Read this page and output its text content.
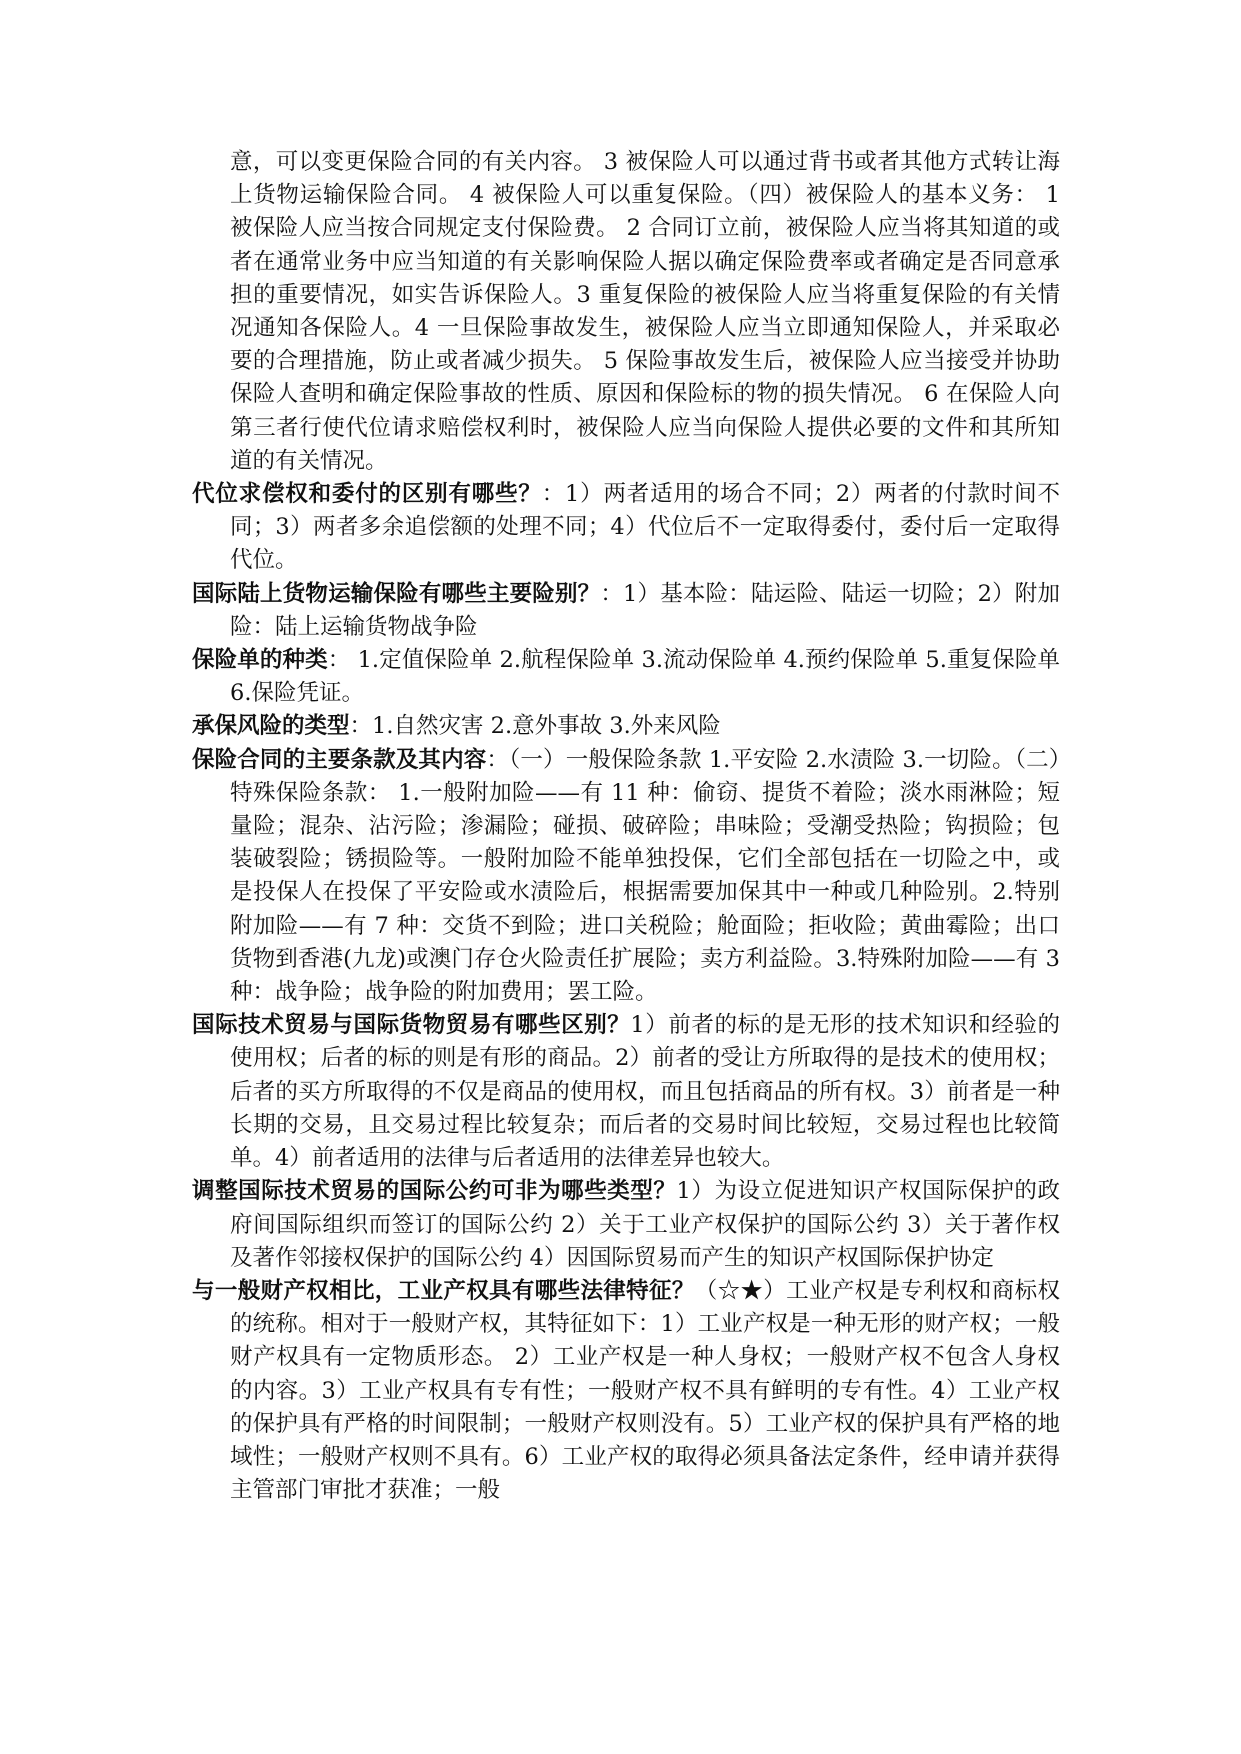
意，可以变更保险合同的有关内容。 3 被保险人可以通过背书或者其他方式转让海上货物运输保险合同。 4 被保险人可以重复保险。（四）被保险人的基本义务： 1 被保险人应当按合同规定支付保险费。 2 合同订立前，被保险人应当将其知道的或者在通常业务中应当知道的有关影响保险人据以确定保险费率或者确定是否同意承担的重要情况，如实告诉保险人。3 重复保险的被保险人应当将重复保险的有关情况通知各保险人。4 一旦保险事故发生，被保险人应当立即通知保险人，并采取必要的合理措施，防止或者减少损失。 5 保险事故发生后，被保险人应当接受并协助保险人查明和确定保险事故的性质、原因和保险标的物的损失情况。 6 在保险人向第三者行使代位请求赔偿权利时，被保险人应当向保险人提供必要的文件和其所知道的有关情况。

代位求偿权和委付的区别有哪些？：1）两者适用的场合不同；2）两者的付款时间不同；3）两者多余追偿额的处理不同；4）代位后不一定取得委付，委付后一定取得代位。

国际陆上货物运输保险有哪些主要险别？：1）基本险：陆运险、陆运一切险；2）附加险：陆上运输货物战争险

保险单的种类： 1.定值保险单 2.航程保险单 3.流动保险单 4.预约保险单 5.重复保险单 6.保险凭证。

承保风险的类型：1.自然灾害 2.意外事故 3.外来风险

保险合同的主要条款及其内容：（一）一般保险条款 1.平安险 2.水渍险 3.一切险。（二）特殊保险条款： 1.一般附加险——有 11 种：偷窃、提货不着险；淡水雨淋险；短量险；混杂、沾污险；渗漏险；碰损、破碎险；串味险；受潮受热险；钩损险；包装破裂险；锈损险等。一般附加险不能单独投保，它们全部包括在一切险之中，或是投保人在投保了平安险或水渍险后，根据需要加保其中一种或几种险别。2.特别附加险——有 7 种：交货不到险；进口关税险；舱面险；拒收险；黄曲霉险；出口货物到香港(九龙)或澳门存仓火险责任扩展险；卖方利益险。3.特殊附加险——有 3 种：战争险；战争险的附加费用；罢工险。

国际技术贸易与国际货物贸易有哪些区别？1）前者的标的是无形的技术知识和经验的使用权；后者的标的则是有形的商品。2）前者的受让方所取得的是技术的使用权；后者的买方所取得的不仅是商品的使用权，而且包括商品的所有权。3）前者是一种长期的交易，且交易过程比较复杂；而后者的交易时间比较短，交易过程也比较简单。4）前者适用的法律与后者适用的法律差异也较大。

调整国际技术贸易的国际公约可非为哪些类型？1）为设立促进知识产权国际保护的政府间国际组织而签订的国际公约 2）关于工业产权保护的国际公约 3）关于著作权及著作邻接权保护的国际公约 4）因国际贸易而产生的知识产权国际保护协定

与一般财产权相比，工业产权具有哪些法律特征？（☆★）工业产权是专利权和商标权的统称。相对于一般财产权，其特征如下：1）工业产权是一种无形的财产权；一般财产权具有一定物质形态。 2）工业产权是一种人身权；一般财产权不包含人身权的内容。3）工业产权具有专有性；一般财产权不具有鲜明的专有性。4）工业产权的保护具有严格的时间限制；一般财产权则没有。5）工业产权的保护具有严格的地域性；一般财产权则不具有。6）工业产权的取得必须具备法定条件，经申请并获得主管部门审批才获准；一般
